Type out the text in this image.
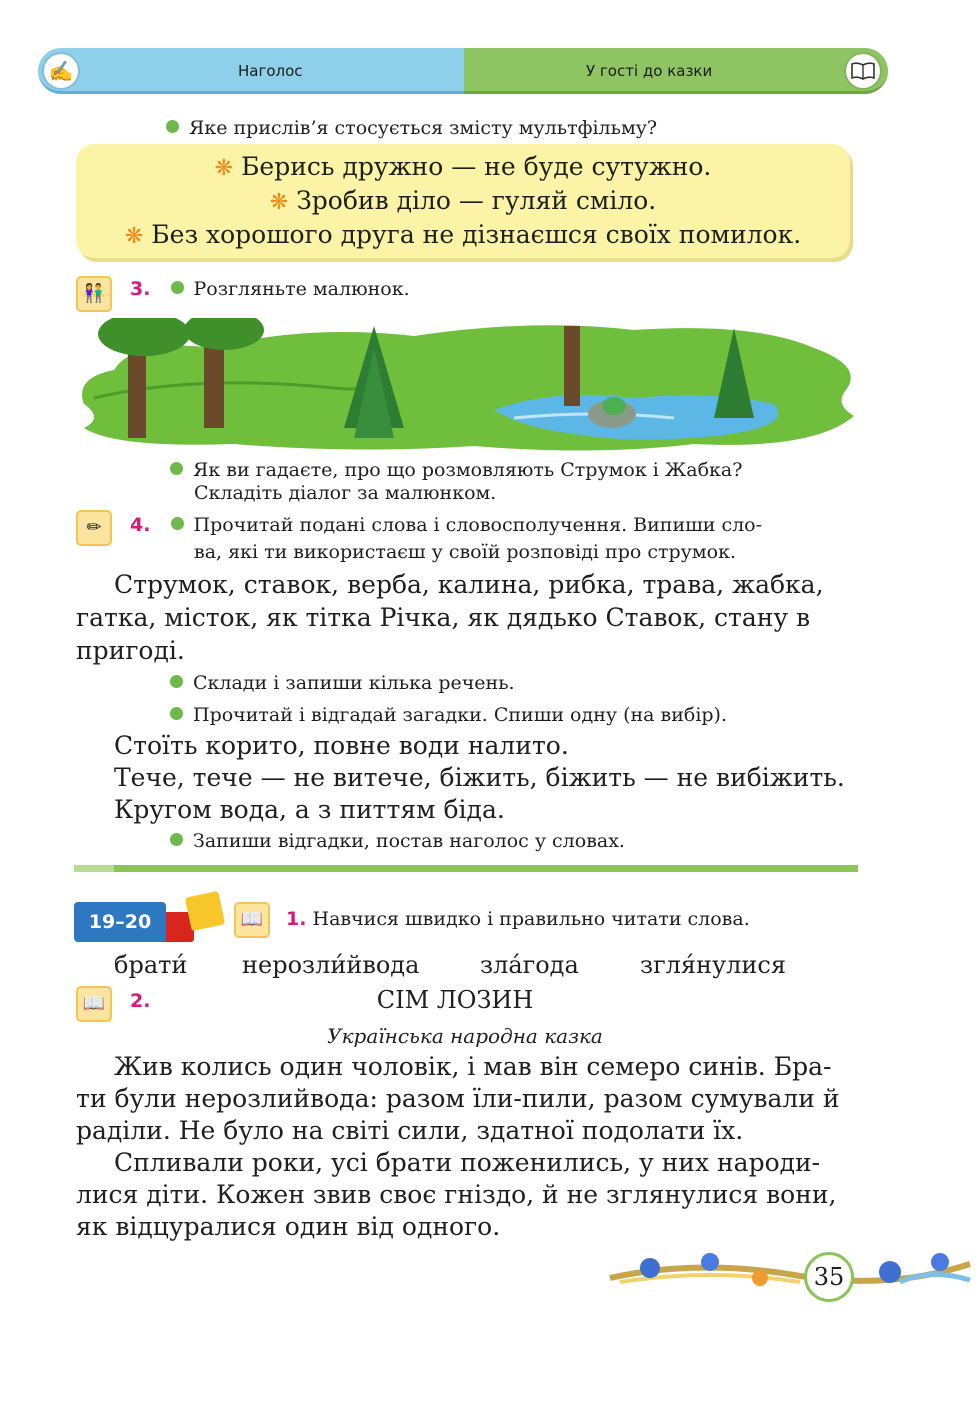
✍	Наголос	У гості до казки
Яке прислів’я стосується змісту мультфільму?
❋ Берись дружно — не буде сутужно.
❋ Зробив діло — гуляй сміло.
❋ Без хорошого друга не дізнаєшся своїх помилок.
👫	3. Розгляньте малюнок.
Як ви гадаєте, про що розмовляють Струмок і Жабка?
Складіть діалог за малюнком.
✏	4. Прочитай подані слова і словосполучення. Випиши сло-
ва, які ти використаєш у своїй розповіді про струмок.
Струмок, ставок, верба, калина, рибка, трава, жабка,
гатка, місток, як тітка Річка, як дядько Ставок, стану в
пригоді.
Склади і запиши кілька речень.
Прочитай і відгадай загадки. Спиши одну (на вибір).
Стоїть корито, повне води налито.
Тече, тече — не витече, біжить, біжить — не вибіжить.
Кругом вода, а з питтям біда.
Запиши відгадки, постав наголос у словах.
19–20	📖	1. Навчися швидко і правильно читати слова.
брати́ нерозли́йвода	зла́года	згля́нулися
📖	2.	СІМ ЛОЗИН
Українська народна казка
Жив колись один чоловік, і мав він семеро синів. Бра-
ти були нерозлийвода: разом їли-пили, разом сумували й
раділи. Не було на світі сили, здатної подолати їх.
Спливали роки, усі брати поженились, у них народи-
лися діти. Кожен звив своє гніздо, й не зглянулися вони,
як відцуралися один від одного.
35
